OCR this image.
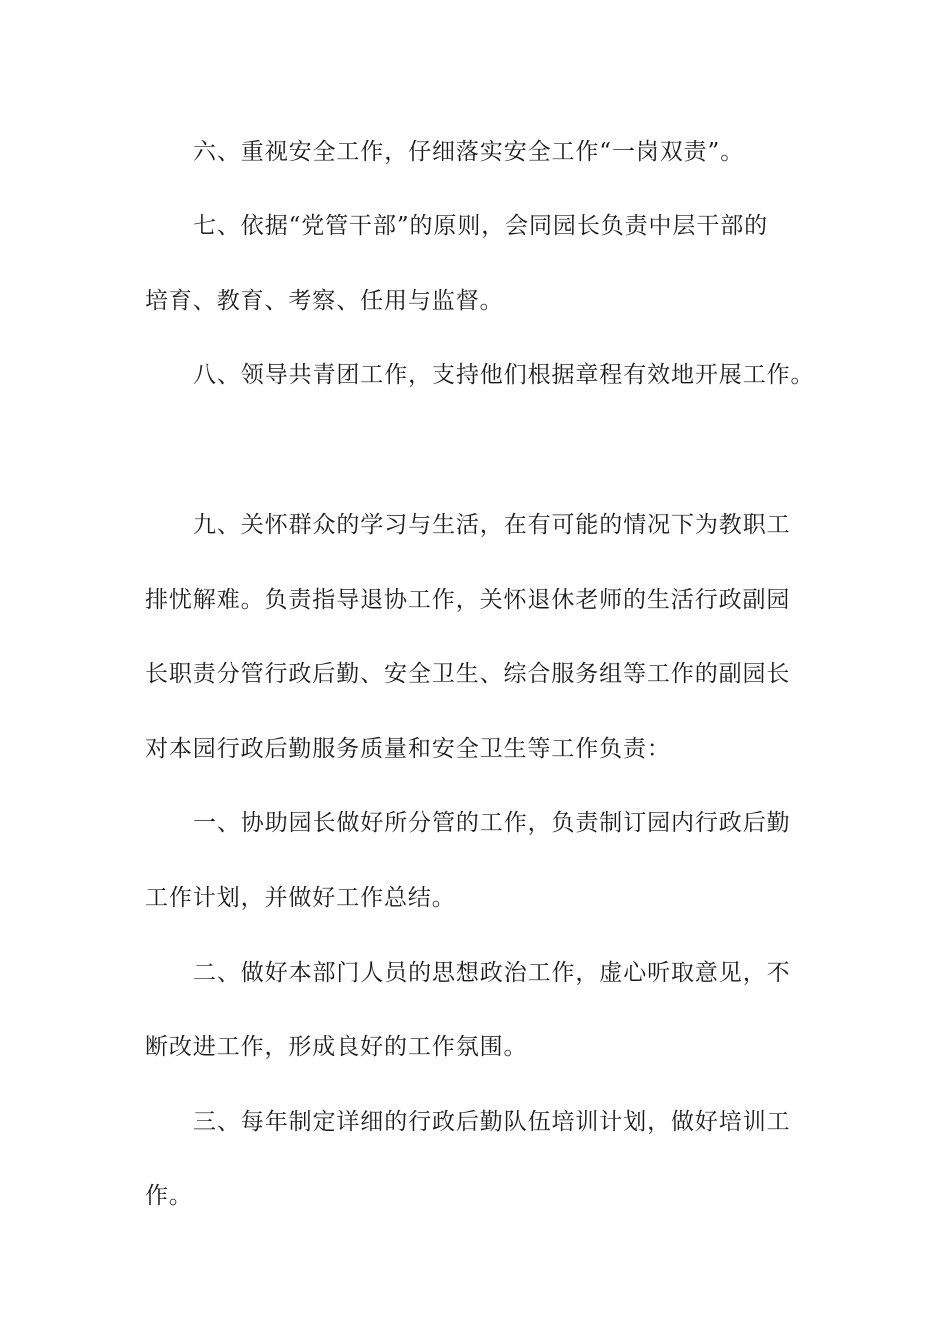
六、重视安全工作，仔细落实安全工作“一岗双责”。
七、依据“党管干部”的原则，会同园长负责中层干部的
培育、教育、考察、任用与监督。
八、领导共青团工作，支持他们根据章程有效地开展工作。
九、关怀群众的学习与生活，在有可能的情况下为教职工
排忧解难。负责指导退协工作，关怀退休老师的生活行政副园
长职责分管行政后勤、安全卫生、综合服务组等工作的副园长
对本园行政后勤服务质量和安全卫生等工作负责：
一、协助园长做好所分管的工作，负责制订园内行政后勤
工作计划，并做好工作总结。
二、做好本部门人员的思想政治工作，虚心听取意见，不
断改进工作，形成良好的工作氛围。
三、每年制定详细的行政后勤队伍培训计划，做好培训工
作。
